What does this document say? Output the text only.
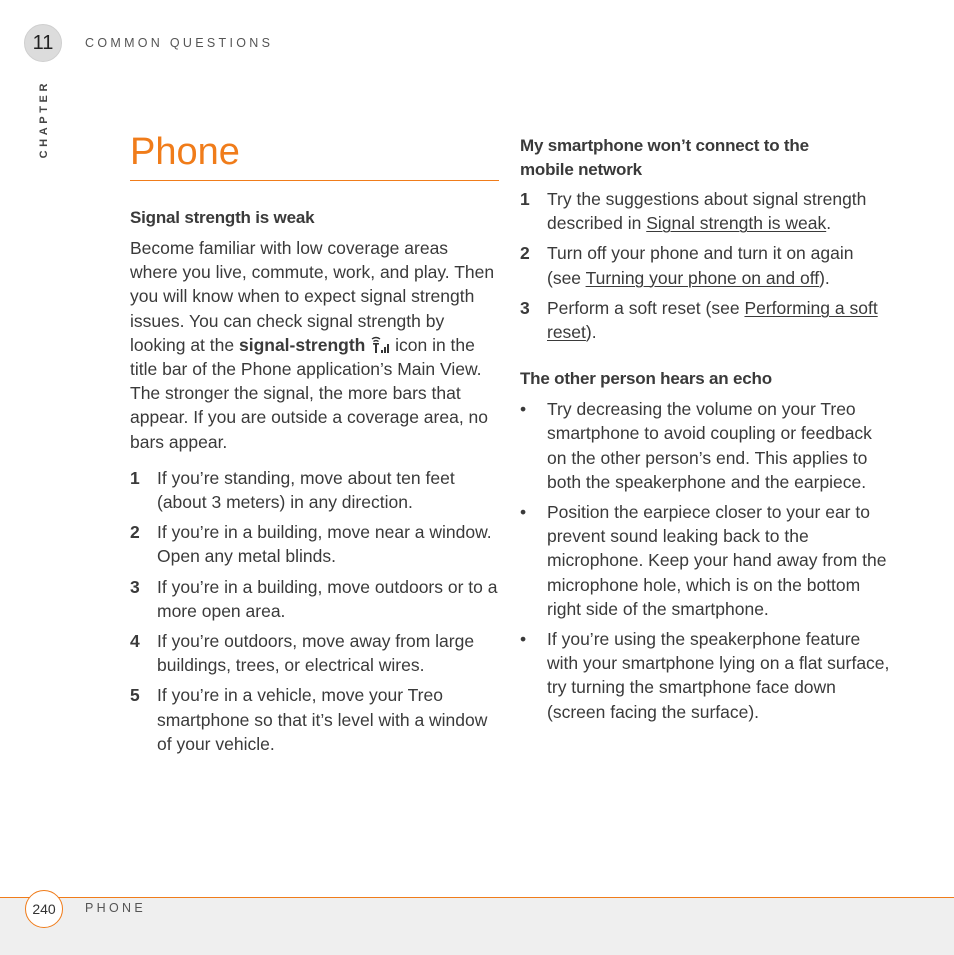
11	COMMON QUESTIONS
CHAPTER Phone
Signal strength is weak

Become familiar with low coverage areas where you live, commute, work, and play. Then you will know when to expect signal strength issues. You can check signal strength by looking at the signal-strength  icon in the title bar of the Phone application’s Main View. The stronger the signal, the more bars that appear. If you are outside a coverage area, no bars appear.

1 If you’re standing, move about ten feet (about 3 meters) in any direction.
2 If you’re in a building, move near a window. Open any metal blinds.
3 If you’re in a building, move outdoors or to a more open area.
4 If you’re outdoors, move away from large buildings, trees, or electrical wires.
5 If you’re in a vehicle, move your Treo smartphone so that it’s level with a window of your vehicle.
My smartphone won’t connect to the mobile network
1 Try the suggestions about signal strength described in Signal strength is weak.
2 Turn off your phone and turn it on again (see Turning your phone on and off).
3 Perform a soft reset (see Performing a soft reset).
The other person hears an echo
• Try decreasing the volume on your Treo smartphone to avoid coupling or feedback on the other person’s end. This applies to both the speakerphone and the earpiece.
• Position the earpiece closer to your ear to prevent sound leaking back to the microphone. Keep your hand away from the microphone hole, which is on the bottom right side of the smartphone.
• If you’re using the speakerphone feature with your smartphone lying on a flat surface, try turning the smartphone face down (screen facing the surface).
240	PHONE
